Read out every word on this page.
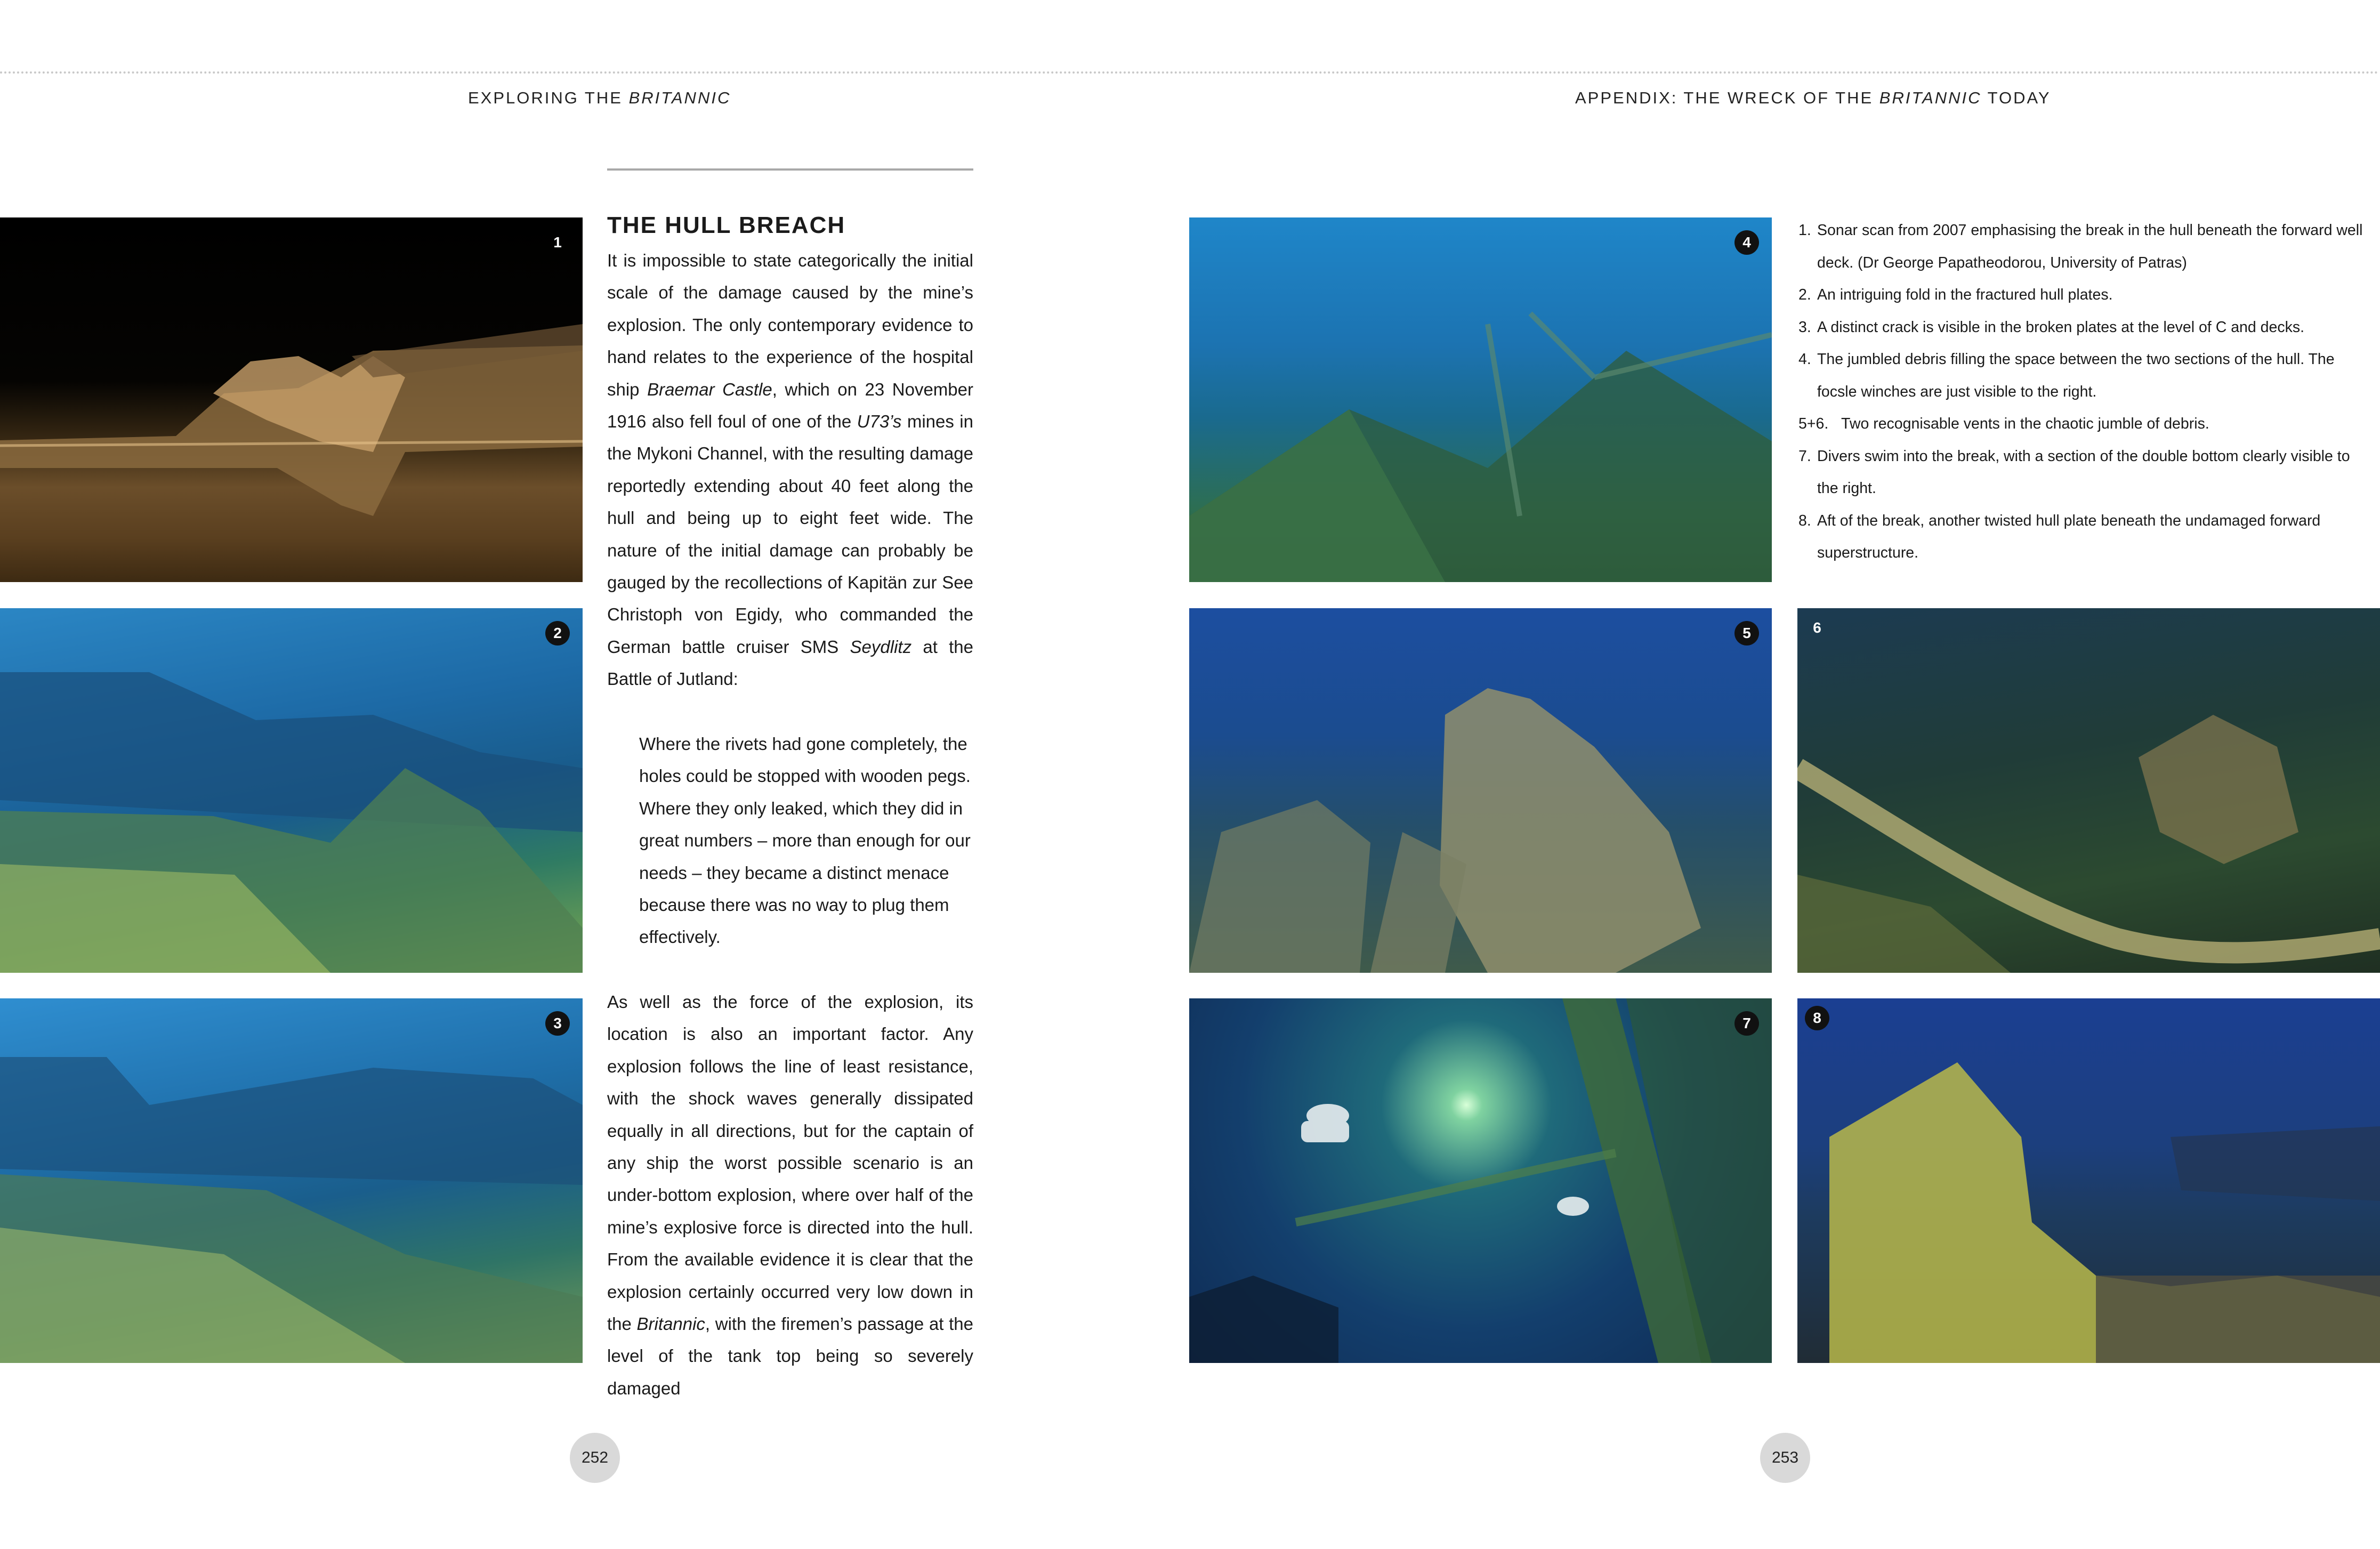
EXPLORING THE BRITANNIC	APPENDIX: THE WRECK OF THE BRITANNIC TODAY
1
2
3
4
5	6
7	8
THE HULL BREACH

It is impossible to state categorically the initial scale of the damage caused by the mine’s explosion. The only contemporary evidence to hand relates to the experience of the hospital ship Braemar Castle, which on 23 November 1916 also fell foul of one of the U73’s mines in the Mykoni Channel, with the resulting damage reportedly extending about 40 feet along the hull and being up to eight feet wide. The nature of the initial damage can probably be gauged by the recollections of Kapitän zur See Christoph von Egidy, who commanded the German battle cruiser SMS Seydlitz at the Battle of Jutland:

Where the rivets had gone completely, the holes could be stopped with wooden pegs. Where they only leaked, which they did in great numbers – more than enough for our needs – they became a distinct menace because there was no way to plug them effectively.

As well as the force of the explosion, its location is also an important factor. Any explosion follows the line of least resistance, with the shock waves generally dissipated equally in all directions, but for the captain of any ship the worst possible scenario is an under-bottom explosion, where over half of the mine’s explosive force is directed into the hull. From the available evidence it is clear that the explosion certainly occurred very low down in the Britannic, with the firemen’s passage at the level of the tank top being so severely damaged

1. Sonar scan from 2007 emphasising the break in the hull beneath the forward well deck. (Dr George Papatheodorou, University of Patras)
2. An intriguing fold in the fractured hull plates.
3. A distinct crack is visible in the broken plates at the level of C and decks.
4. The jumbled debris filling the space between the two sections of the hull. The focsle winches are just visible to the right.
5+6. Two recognisable vents in the chaotic jumble of debris.
7. Divers swim into the break, with a section of the double bottom clearly visible to the right.
8. Aft of the break, another twisted hull plate beneath the undamaged forward superstructure.
252	253
